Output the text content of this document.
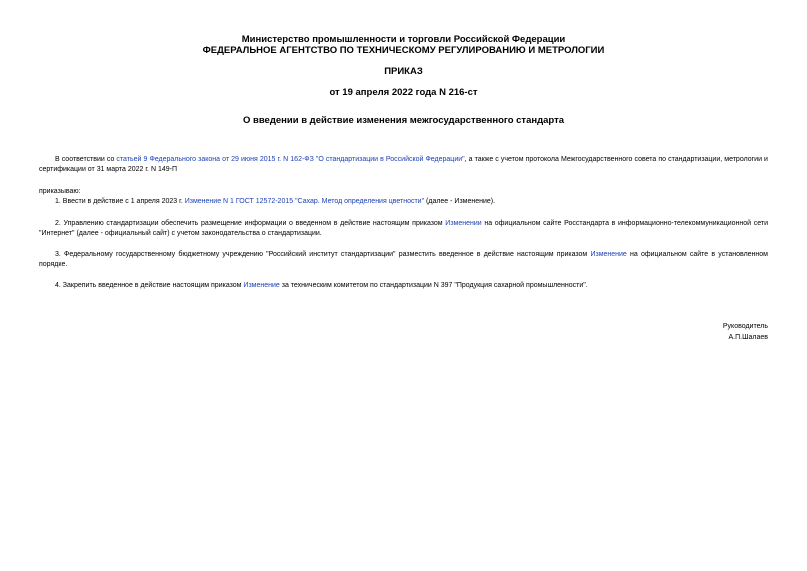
Министерство промышленности и торговли Российской Федерации
ФЕДЕРАЛЬНОЕ АГЕНТСТВО ПО ТЕХНИЧЕСКОМУ РЕГУЛИРОВАНИЮ И МЕТРОЛОГИИ
ПРИКАЗ
от 19 апреля 2022 года N 216-ст
О введении в действие изменения межгосударственного стандарта
В соответствии со статьей 9 Федерального закона от 29 июня 2015 г. N 162-ФЗ "О стандартизации в Российской Федерации", а также с учетом протокола Межгосударственного совета по стандартизации, метрологии и сертификации от 31 марта 2022 г. N 149-П
приказываю:
1. Ввести в действие с 1 апреля 2023 г. Изменение N 1 ГОСТ 12572-2015 "Сахар. Метод определения цветности" (далее - Изменение).
2. Управлению стандартизации обеспечить размещение информации о введенном в действие настоящим приказом Изменении на официальном сайте Росстандарта в информационно-телекоммуникационной сети "Интернет" (далее - официальный сайт) с учетом законодательства о стандартизации.
3. Федеральному государственному бюджетному учреждению "Российский институт стандартизации" разместить введенное в действие настоящим приказом Изменение на официальном сайте в установленном порядке.
4. Закрепить введенное в действие настоящим приказом Изменение за техническим комитетом по стандартизации N 397 "Продукция сахарной промышленности".
Руководитель
А.П.Шалаев
